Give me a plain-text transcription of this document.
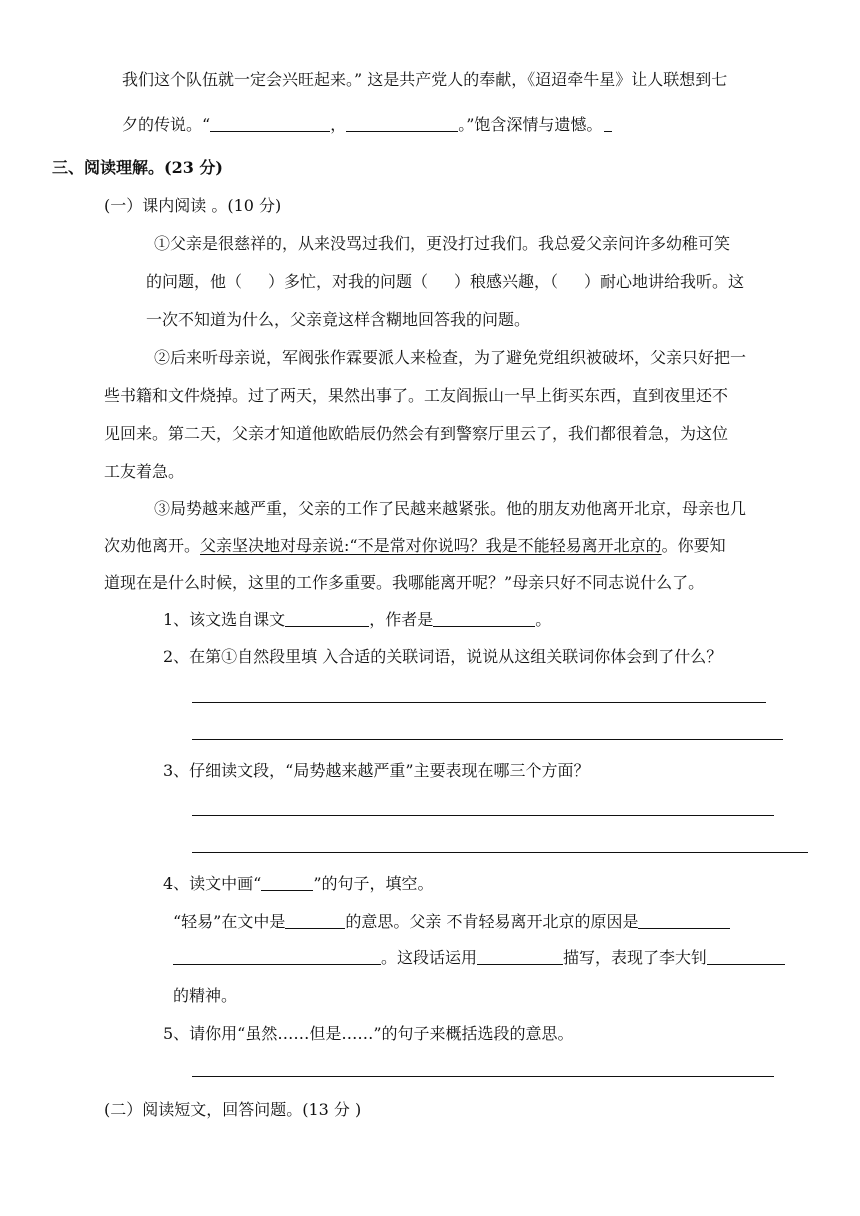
我们这个队伍就一定会兴旺起来。” 这是共产党人的奉献，《迢迢牵牛星》让人联想到七
夕的传说。“	，	。”饱含深情与遗憾。
三、阅读理解。(23 分)
(一）课内阅读 。(10 分)
①父亲是很慈祥的，从来没骂过我们，更没打过我们。我总爱父亲问许多幼稚可笑
的问题，他（ ）多忙，对我的问题（ ）稂感兴趣，（ ）耐心地讲给我听。这
一次不知道为什么，父亲竟这样含糊地回答我的问题。
②后来听母亲说，军阀张作霖要派人来检查，为了避免党组织被破坏，父亲只好把一
些书籍和文件烧掉。过了两天，果然出事了。工友阎振山一早上街买东西，直到夜里还不
见回来。第二天，父亲才知道他欧皓辰仍然会有到警察厅里云了，我们都很着急，为这位
工友着急。
③局势越来越严重，父亲的工作了民越来越紧张。他的朋友劝他离开北京，母亲也几
次劝他离开。父亲坚决地对母亲说:“不是常对你说吗？我是不能轻易离开北京的。你要知
道现在是什么时候，这里的工作多重要。我哪能离开呢？”母亲只好不同志说什么了。
1、该文选自课文	，作者是	。
2、在第①自然段里填 入合适的关联词语，说说从这组关联词你体会到了什么？
3、仔细读文段，“局势越来越严重”主要表现在哪三个方面？
4、读文中画“	”的句子，填空。
“轻易”在文中是	的意思。父亲 不肯轻易离开北京的原因是
。这段话运用	描写，表现了李大钊
的精神。
5、请你用“虽然……但是……”的句子来概括选段的意思。
(二）阅读短文，回答问题。(13 分 )
